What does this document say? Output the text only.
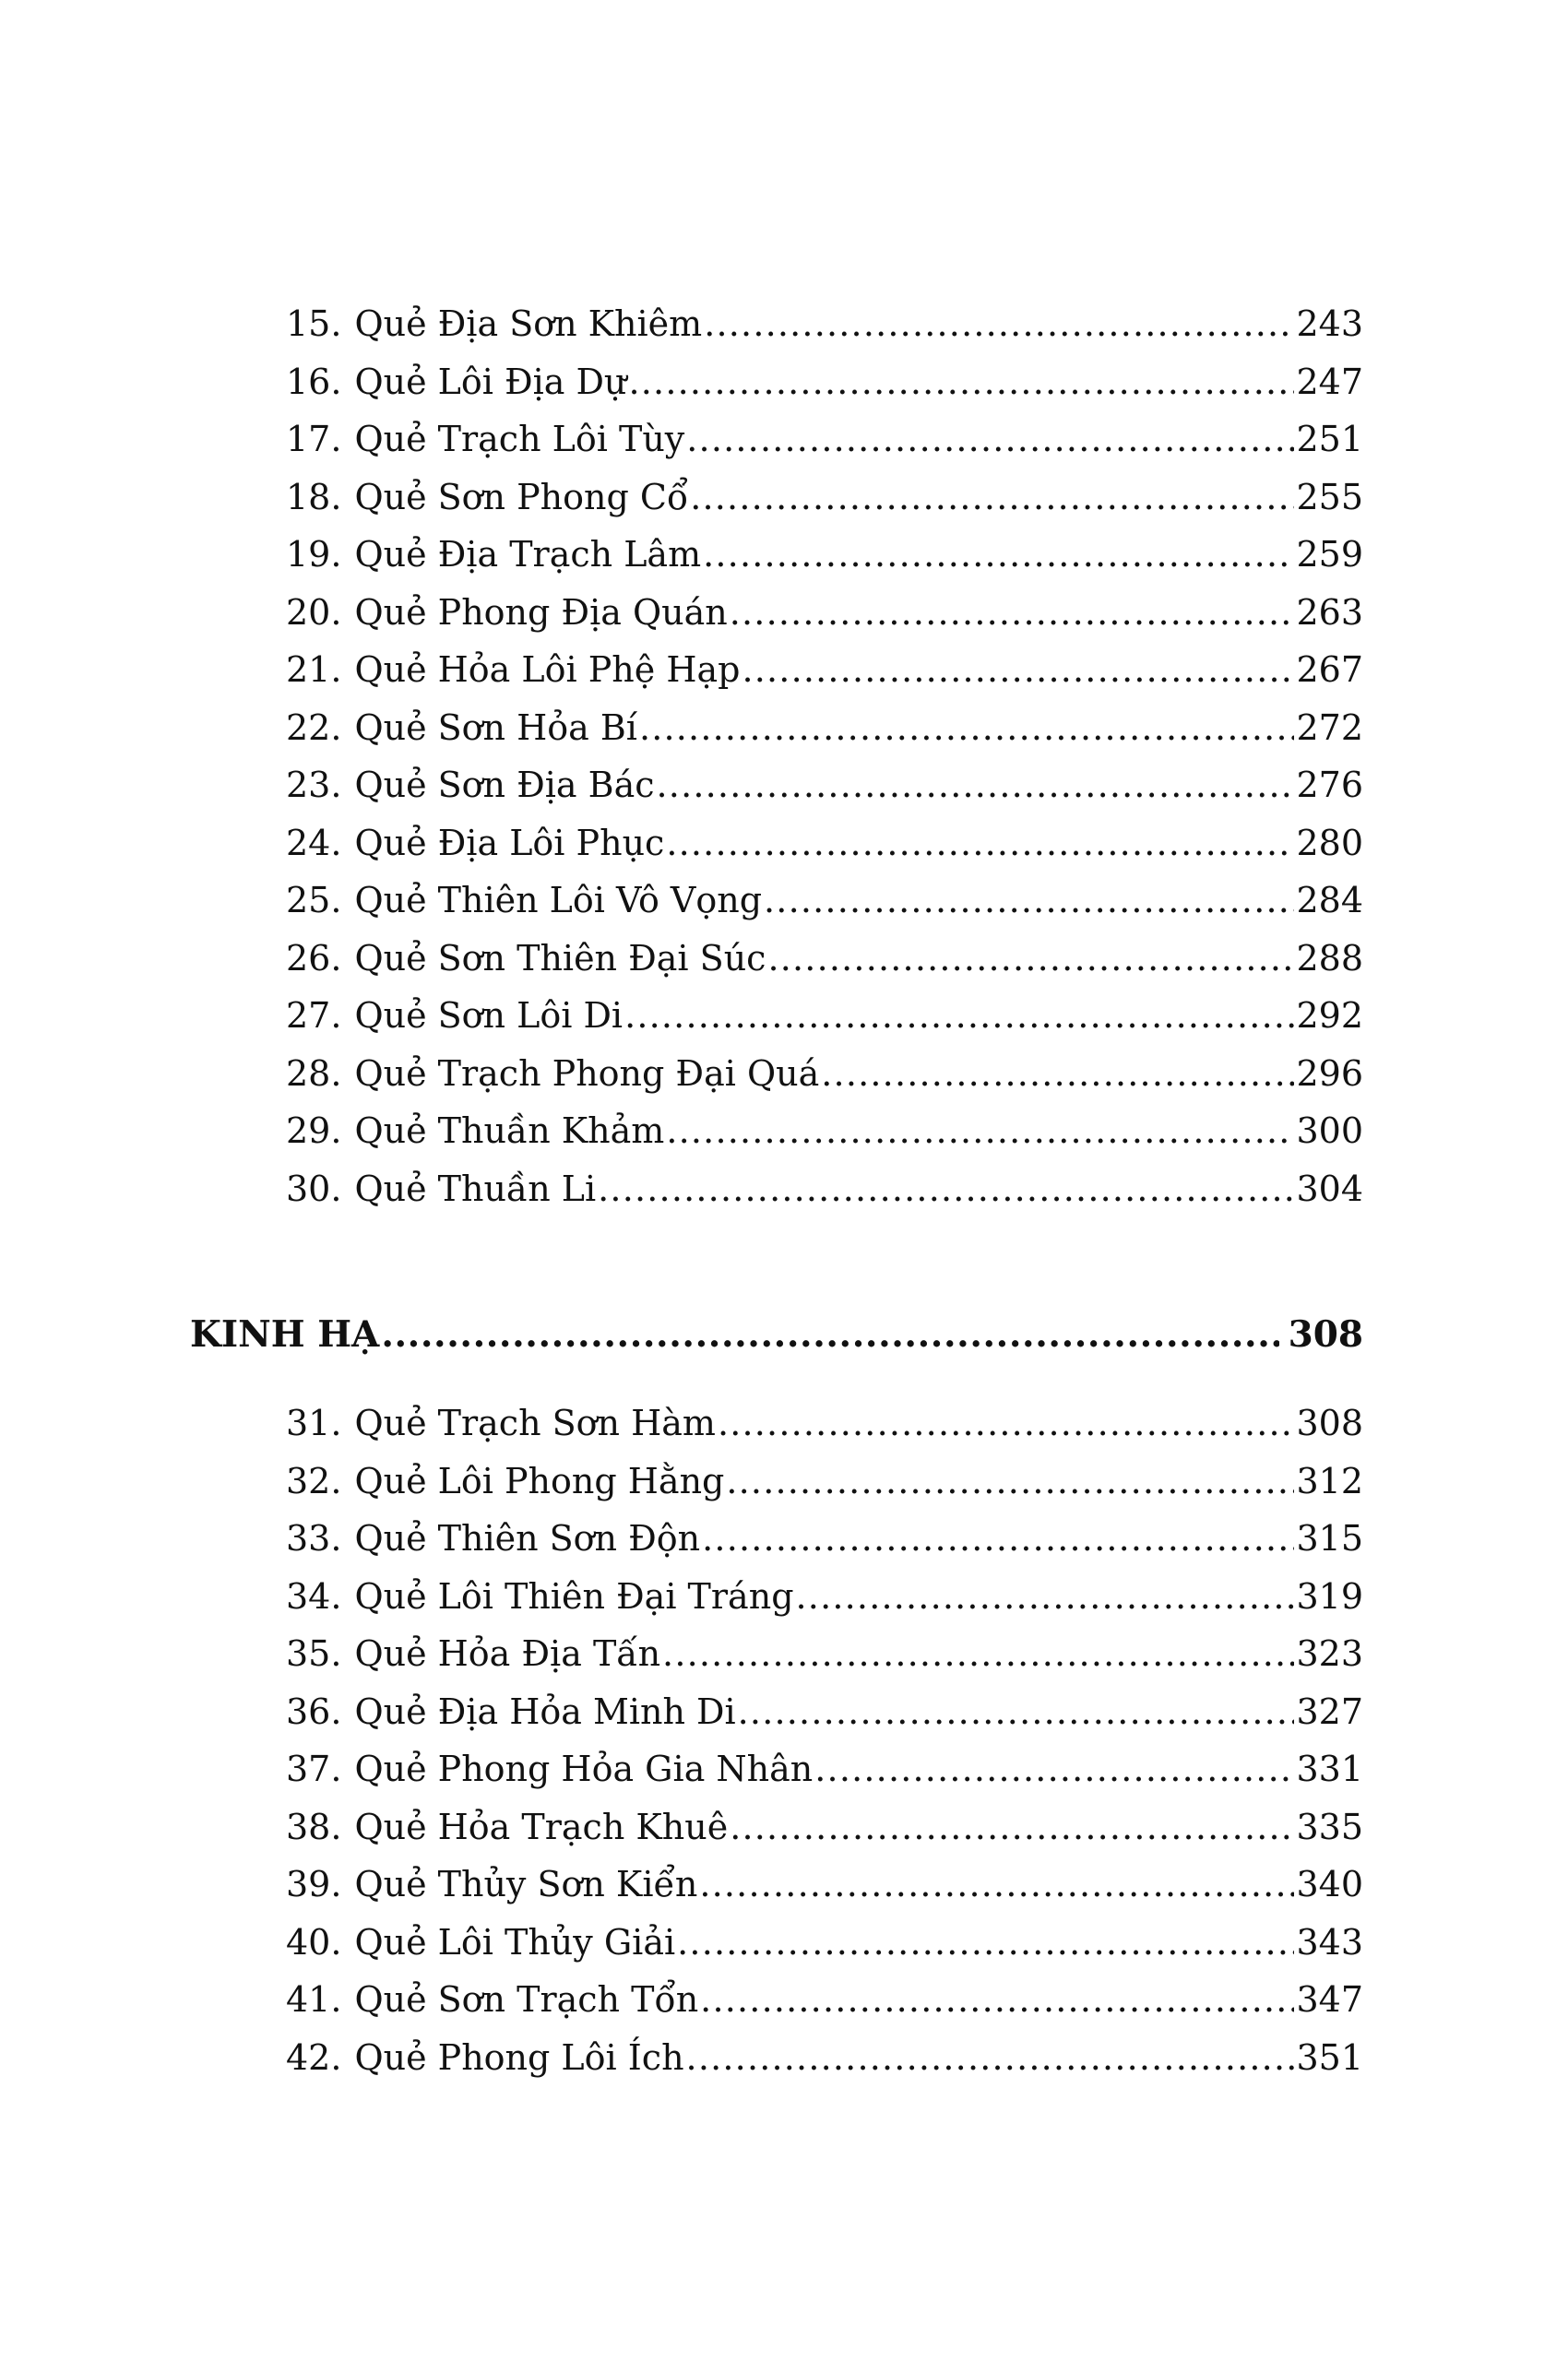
15. Quẻ Địa Sơn Khiêm .....	243
16. Quẻ Lôi Địa Dự .....	247
17. Quẻ Trạch Lôi Tùy .....	251
18. Quẻ Sơn Phong Cổ .....	255
19. Quẻ Địa Trạch Lâm .....	259
20. Quẻ Phong Địa Quán .....	263
21. Quẻ Hỏa Lôi Phệ Hạp .....	267
22. Quẻ Sơn Hỏa Bí .....	272
23. Quẻ Sơn Địa Bác .....	276
24. Quẻ Địa Lôi Phục .....	280
25. Quẻ Thiên Lôi Vô Vọng .....	284
26. Quẻ Sơn Thiên Đại Súc .....	288
27. Quẻ Sơn Lôi Di .....	292
28. Quẻ Trạch Phong Đại Quá .....	296
29. Quẻ Thuần Khảm .....	300
30. Quẻ Thuần Li .....	304
KINH HẠ .....	308
31. Quẻ Trạch Sơn Hàm .....	308
32. Quẻ Lôi Phong Hằng .....	312
33. Quẻ Thiên Sơn Độn .....	315
34. Quẻ Lôi Thiên Đại Tráng .....	319
35. Quẻ Hỏa Địa Tấn .....	323
36. Quẻ Địa Hỏa Minh Di .....	327
37. Quẻ Phong Hỏa Gia Nhân .....	331
38. Quẻ Hỏa Trạch Khuê .....	335
39. Quẻ Thủy Sơn Kiển .....	340
40. Quẻ Lôi Thủy Giải .....	343
41. Quẻ Sơn Trạch Tổn .....	347
42. Quẻ Phong Lôi Ích .....	351
